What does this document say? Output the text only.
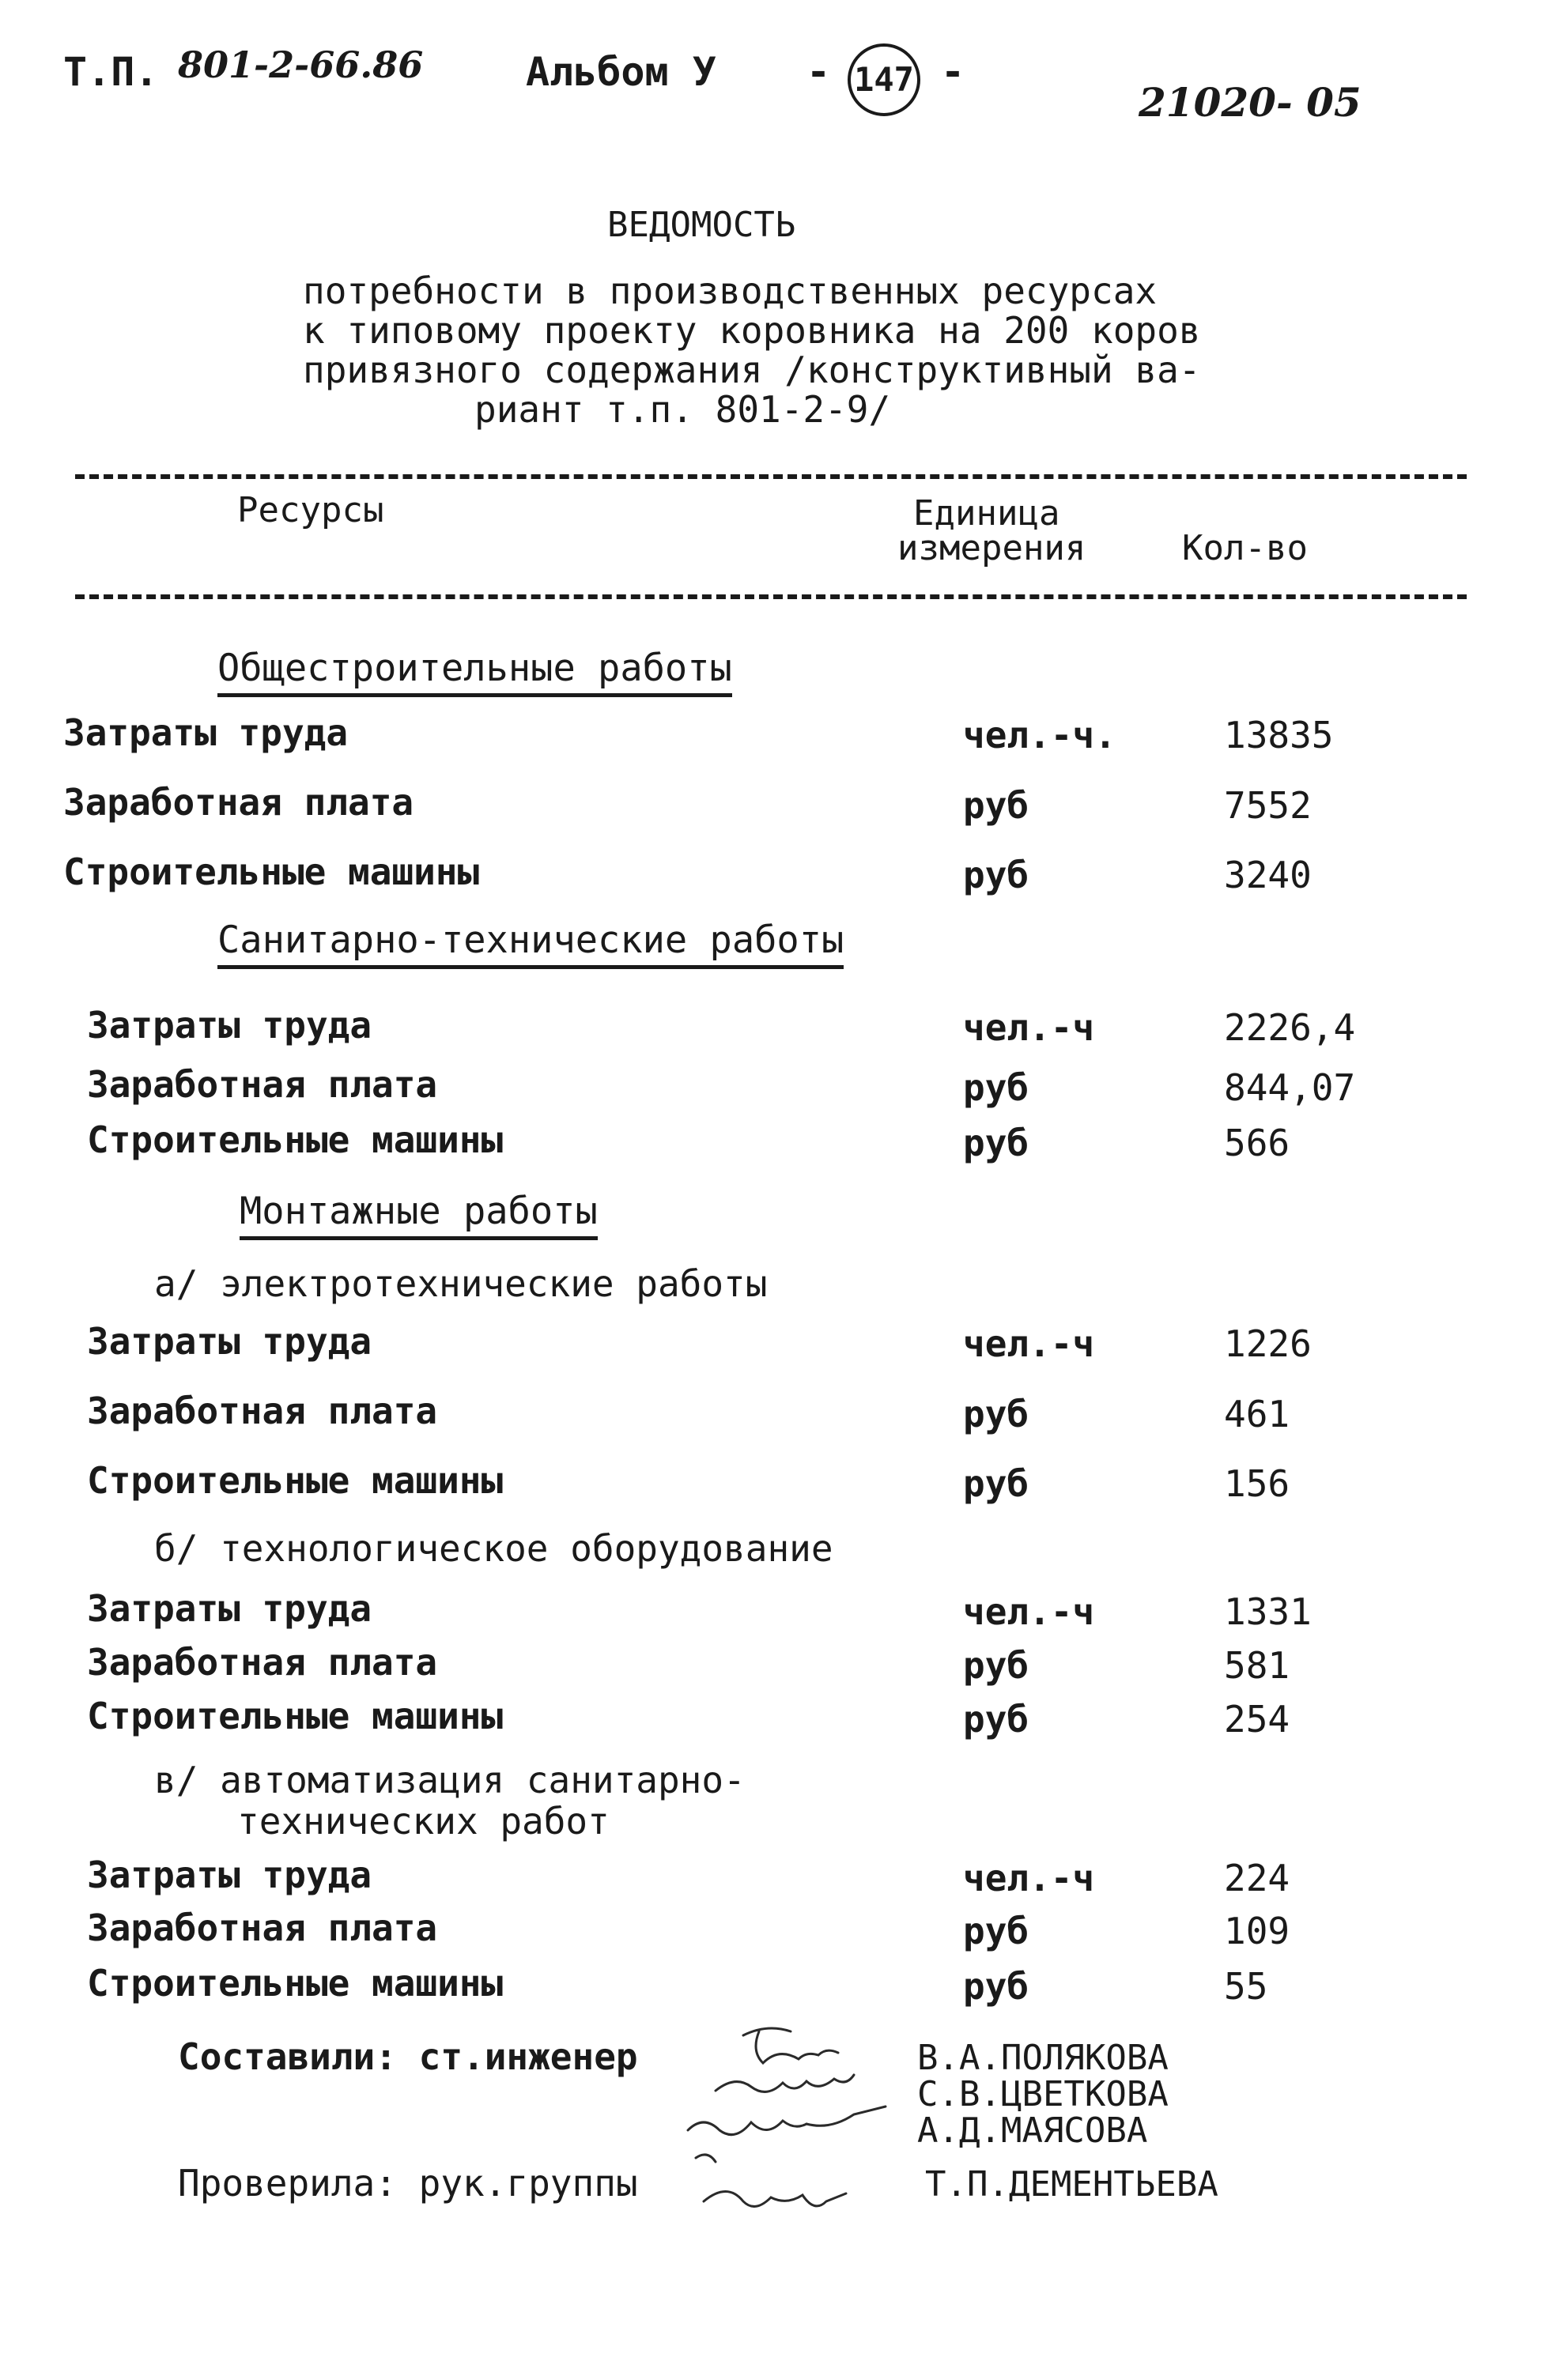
Т.П. 801-2-66.86	Альбом У - 147 -
21020- 05
ВЕДОМОСТЬ
потребности в производственных ресурсах
к типовому проекту коровника на 200 коров
привязного содержания /конструктивный ва-
риант т.п. 801-2-9/
Ресурсы	Единица
измерения	Кол-во
Общестроительные работы
Затраты труда	чел.-ч.	13835
Заработная плата	руб	7552
Строительные машины	руб	3240
Санитарно-технические работы
Затраты труда	чел.-ч	2226,4
Заработная плата	руб	844,07
Строительные машины	руб	566
Монтажные работы
а/ электротехнические работы
Затраты труда	чел.-ч	1226
Заработная плата	руб	461
Строительные машины	руб	156
б/ технологическое оборудование
Затраты труда	чел.-ч	1331
Заработная плата	руб	581
Строительные машины	руб	254
в/ автоматизация санитарно-
технических работ
Затраты труда	чел.-ч	224
Заработная плата	руб	109
Строительные машины	руб	55
Составили: ст.инженер	В.А.ПОЛЯКОВА
С.В.ЦВЕТКОВА
А.Д.МАЯСОВА
Проверила: рук.группы	Т.П.ДЕМЕНТЬЕВА
